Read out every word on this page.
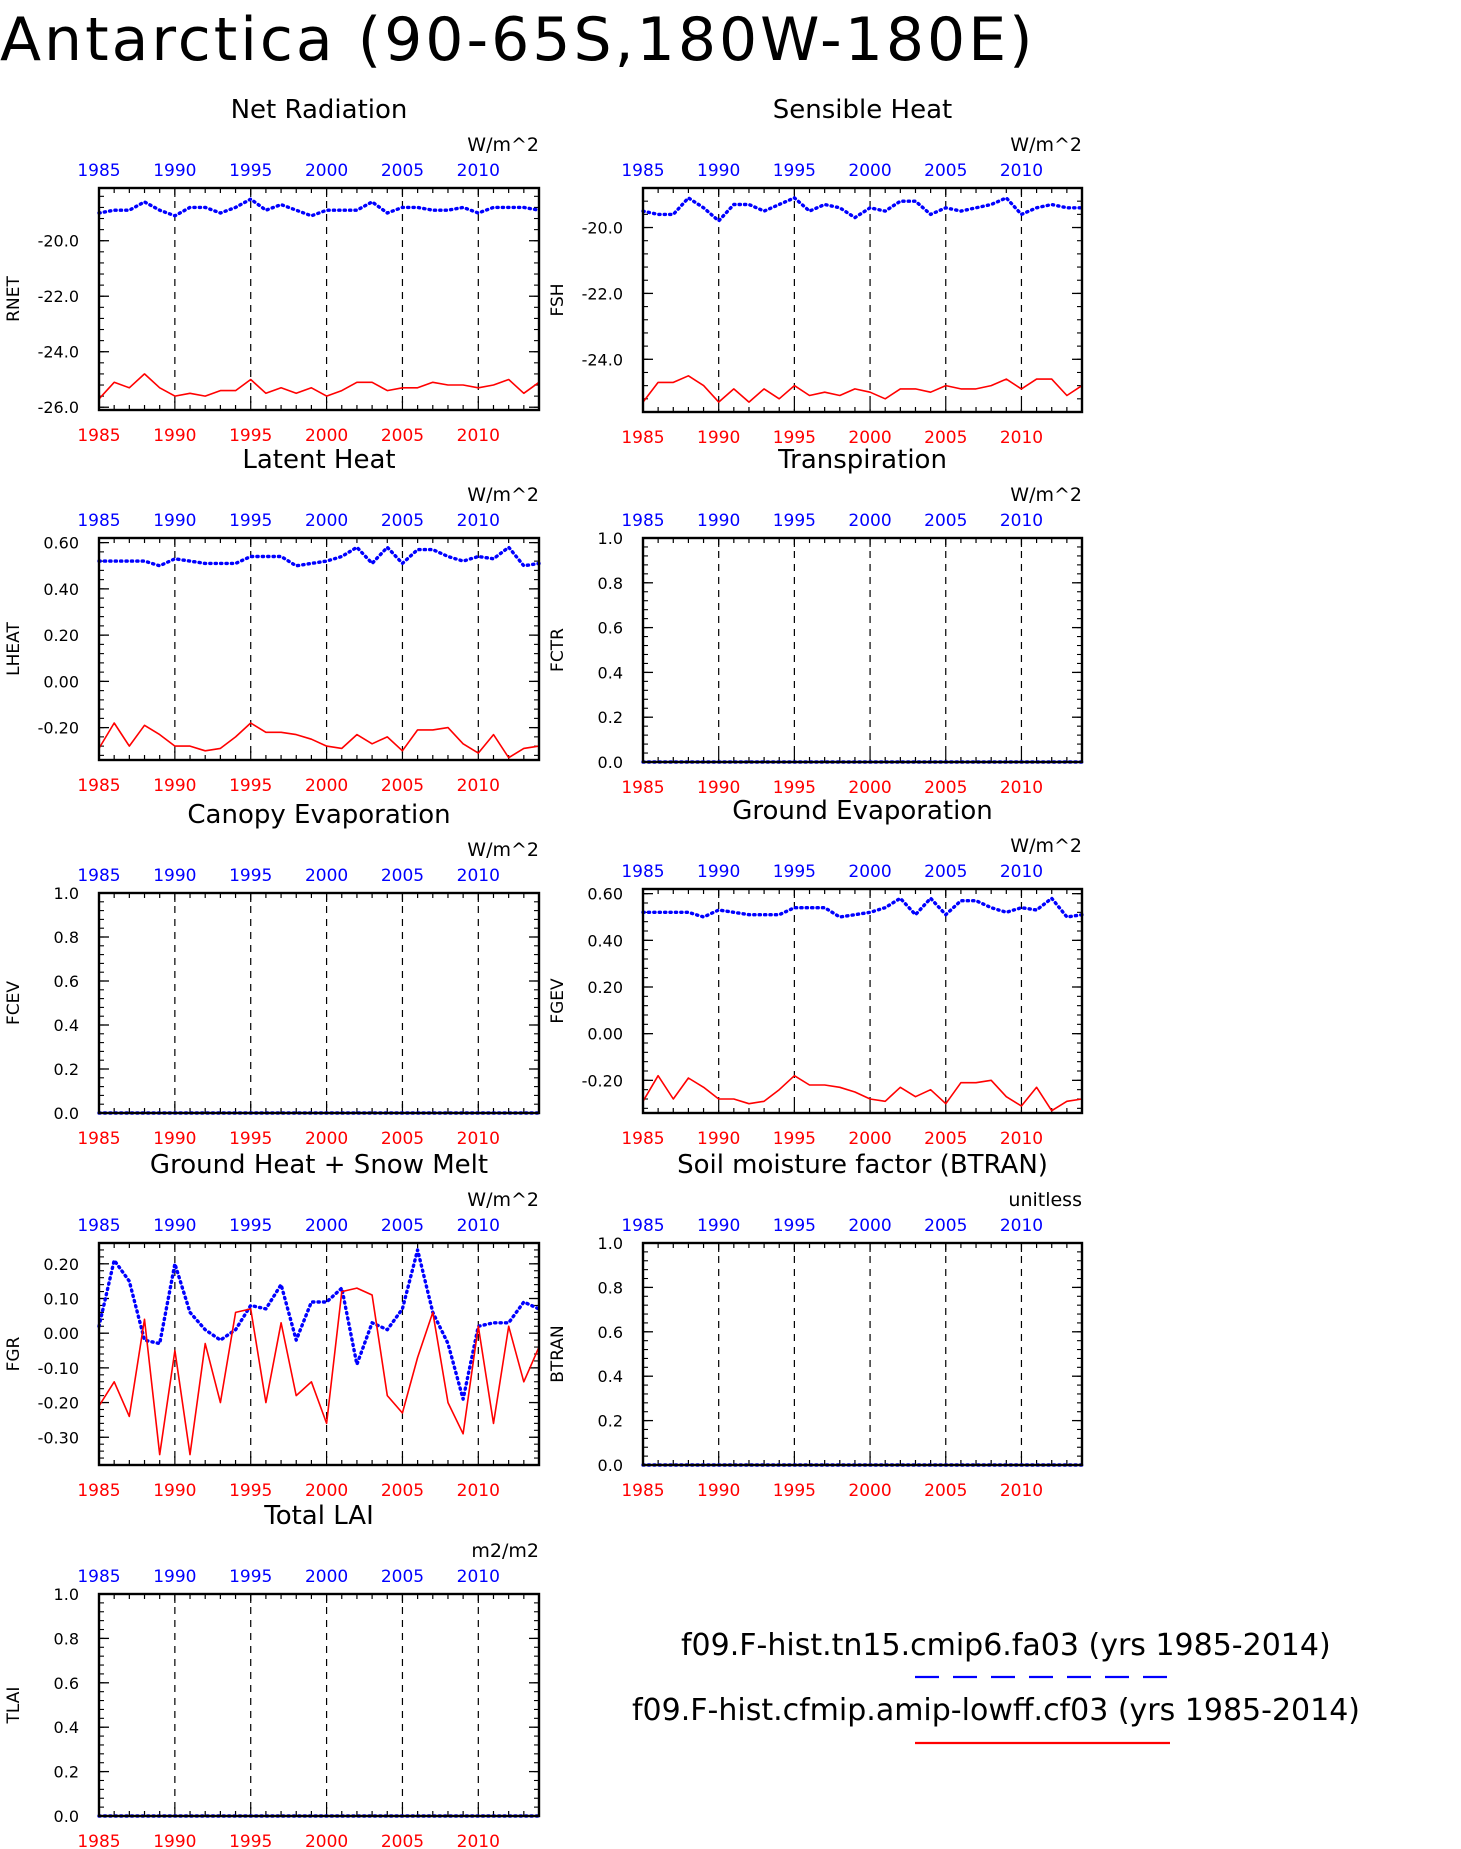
Antarctica (90-65S,180W-180E)
Net Radiation
W/m^2
1985
1985
1990
1990
1995
1995
2000
2000
2005
2005
2010
2010
-26.0
-24.0
-22.0
-20.0
RNET
Sensible Heat
W/m^2
1985
1985
1990
1990
1995
1995
2000
2000
2005
2005
2010
2010
-24.0
-22.0
-20.0
FSH
Latent Heat
W/m^2
1985
1985
1990
1990
1995
1995
2000
2000
2005
2005
2010
2010
-0.20
0.00
0.20
0.40
0.60
LHEAT
Transpiration
W/m^2
1985
1985
1990
1990
1995
1995
2000
2000
2005
2005
2010
2010
0.0
0.2
0.4
0.6
0.8
1.0
FCTR
Canopy Evaporation
W/m^2
1985
1985
1990
1990
1995
1995
2000
2000
2005
2005
2010
2010
0.0
0.2
0.4
0.6
0.8
1.0
FCEV
Ground Evaporation
W/m^2
1985
1985
1990
1990
1995
1995
2000
2000
2005
2005
2010
2010
-0.20
0.00
0.20
0.40
0.60
FGEV
Ground Heat + Snow Melt
W/m^2
1985
1985
1990
1990
1995
1995
2000
2000
2005
2005
2010
2010
-0.30
-0.20
-0.10
0.00
0.10
0.20
FGR
Soil moisture factor (BTRAN)
unitless
1985
1985
1990
1990
1995
1995
2000
2000
2005
2005
2010
2010
0.0
0.2
0.4
0.6
0.8
1.0
BTRAN
Total LAI
m2/m2
1985
1985
1990
1990
1995
1995
2000
2000
2005
2005
2010
2010
0.0
0.2
0.4
0.6
0.8
1.0
TLAI
f09.F-hist.tn15.cmip6.fa03 (yrs 1985-2014)
f09.F-hist.cfmip.amip-lowff.cf03 (yrs 1985-2014)
